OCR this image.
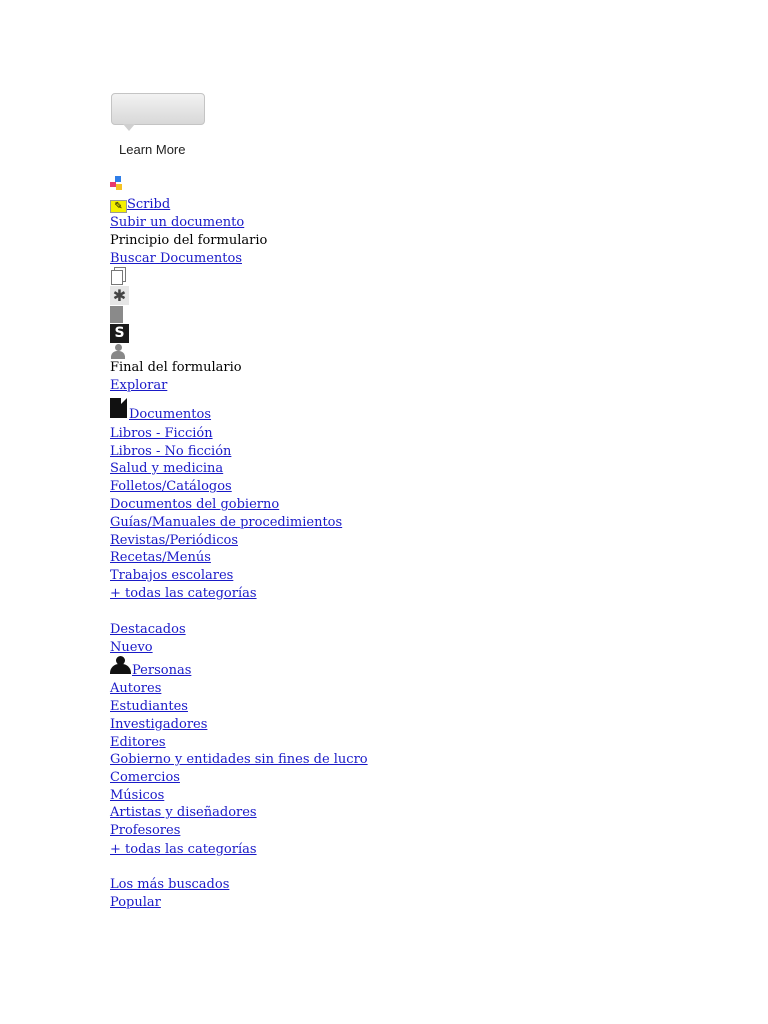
Learn More
✎ Scribd
Subir un documento
Principio del formulario
Buscar Documentos
✱
S
Final del formulario
Explorar
Documentos
Libros - Ficción
Libros - No ficción
Salud y medicina
Folletos/Catálogos
Documentos del gobierno
Guías/Manuales de procedimientos
Revistas/Periódicos
Recetas/Menús
Trabajos escolares
+ todas las categorías
Destacados
Nuevo
Personas
Autores
Estudiantes
Investigadores
Editores
Gobierno y entidades sin fines de lucro
Comercios
Músicos
Artistas y diseñadores
Profesores
+ todas las categorías
Los más buscados
Popular
